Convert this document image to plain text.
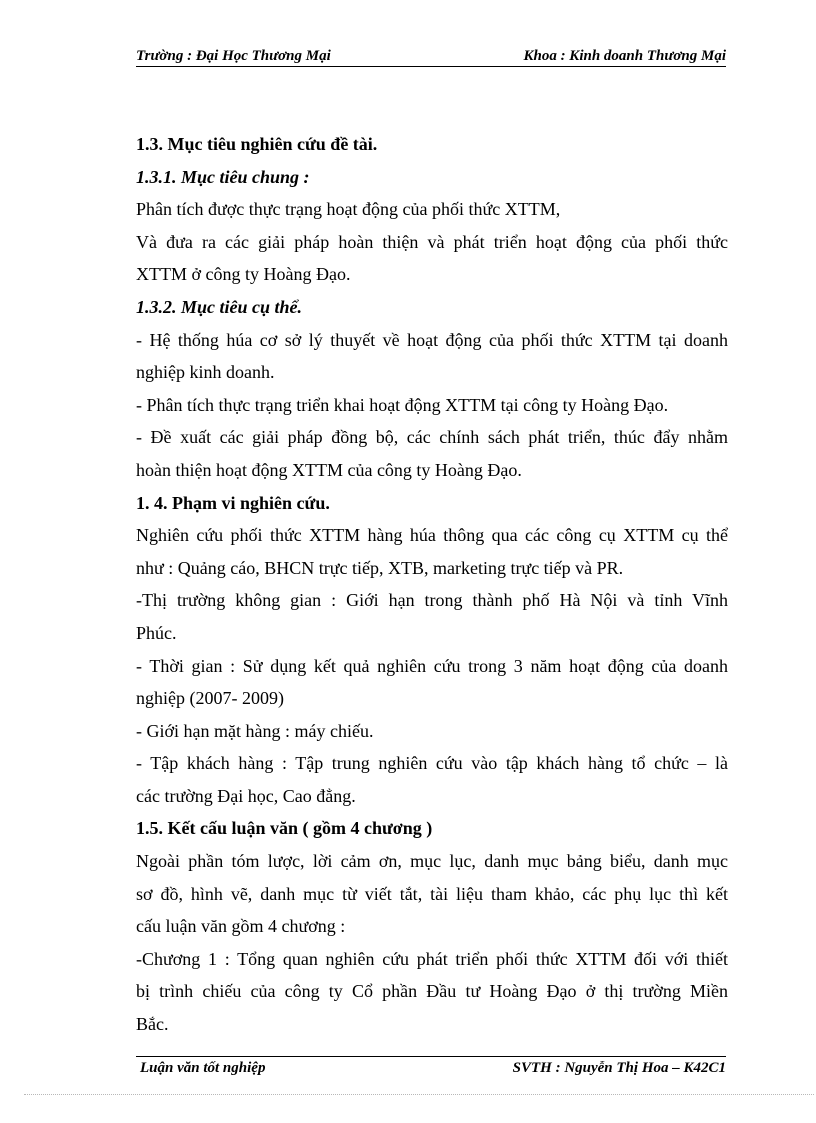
Trường : Đại Học Thương Mại	Khoa : Kinh doanh Thương Mại
1.3. Mục tiêu nghiên cứu đề tài.
1.3.1. Mục tiêu chung :
Phân tích được thực trạng hoạt động của phối thức XTTM,
Và đưa ra các giải pháp hoàn thiện và phát triển hoạt động của phối thức
XTTM ở công ty Hoàng Đạo.
1.3.2. Mục tiêu cụ thể.
- Hệ thống húa cơ sở lý thuyết về hoạt động của phối thức XTTM tại doanh
nghiệp kinh doanh.
- Phân tích thực trạng triển khai hoạt động XTTM tại công ty Hoàng Đạo.
- Đề xuất các giải pháp đồng bộ, các chính sách phát triển, thúc đẩy nhằm
hoàn thiện hoạt động XTTM của công ty Hoàng Đạo.
1. 4. Phạm vi nghiên cứu.
Nghiên cứu phối thức XTTM hàng húa thông qua các công cụ XTTM cụ thể
như : Quảng cáo, BHCN trực tiếp, XTB, marketing trực tiếp và PR.
-Thị trường không gian : Giới hạn trong thành phố Hà Nội và tỉnh Vĩnh
Phúc.
- Thời gian : Sử dụng kết quả nghiên cứu trong 3 năm hoạt động của doanh
nghiệp (2007- 2009)
- Giới hạn mặt hàng : máy chiếu.
- Tập khách hàng : Tập trung nghiên cứu vào tập khách hàng tổ chức – là
các trường Đại học, Cao đẳng.
1.5. Kết cấu luận văn ( gồm 4 chương )
Ngoài phần tóm lược, lời cảm ơn, mục lục, danh mục bảng biểu, danh mục
sơ đồ, hình vẽ, danh mục từ viết tắt, tài liệu tham khảo, các phụ lục thì kết
cấu luận văn gồm 4 chương :
-Chương 1 : Tổng quan nghiên cứu phát triển phối thức XTTM đối với thiết
bị trình chiếu của công ty Cổ phần Đầu tư Hoàng Đạo ở thị trường Miền
Bắc.
Luận văn tốt nghiệp	SVTH : Nguyễn Thị Hoa – K42C1
